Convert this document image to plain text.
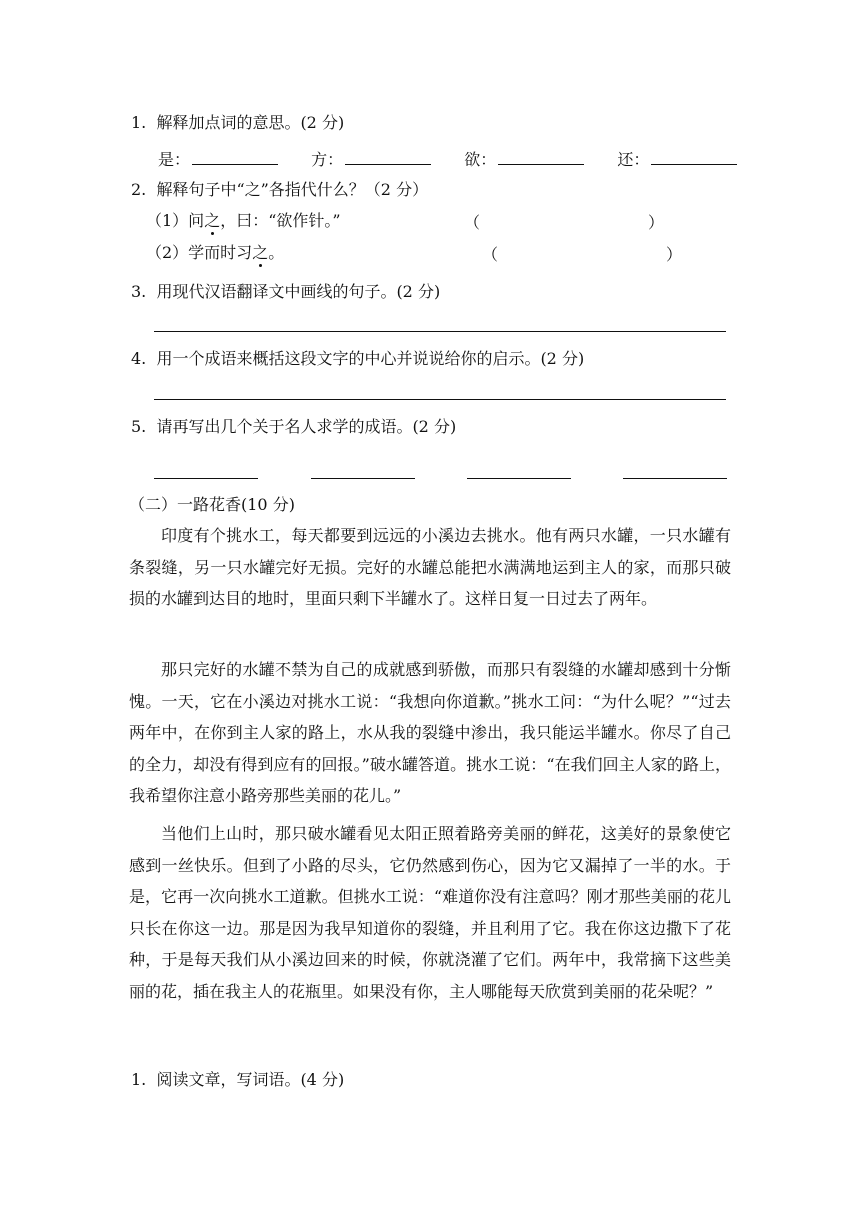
1. 解释加点词的意思。(2 分)
是：	方：	欲：	还：
2. 解释句子中“之”各指代什么？（2 分）
（1）问之，曰：“欲作针。”	（	）
（2）学而时习之。	（	）
3. 用现代汉语翻译文中画线的句子。(2 分)
4. 用一个成语来概括这段文字的中心并说说给你的启示。(2 分)
5. 请再写出几个关于名人求学的成语。(2 分)
（二）一路花香(10 分)
印度有个挑水工，每天都要到远远的小溪边去挑水。他有两只水罐，一只水罐有条裂缝，另一只水罐完好无损。完好的水罐总能把水满满地运到主人的家，而那只破损的水罐到达目的地时，里面只剩下半罐水了。这样日复一日过去了两年。
那只完好的水罐不禁为自己的成就感到骄傲，而那只有裂缝的水罐却感到十分惭愧。一天，它在小溪边对挑水工说：“我想向你道歉。”挑水工问：“为什么呢？”“过去两年中，在你到主人家的路上，水从我的裂缝中渗出，我只能运半罐水。你尽了自己的全力，却没有得到应有的回报。”破水罐答道。挑水工说：“在我们回主人家的路上，我希望你注意小路旁那些美丽的花儿。”
当他们上山时，那只破水罐看见太阳正照着路旁美丽的鲜花，这美好的景象使它感到一丝快乐。但到了小路的尽头，它仍然感到伤心，因为它又漏掉了一半的水。于是，它再一次向挑水工道歉。但挑水工说：“难道你没有注意吗？刚才那些美丽的花儿只长在你这一边。那是因为我早知道你的裂缝，并且利用了它。我在你这边撒下了花种，于是每天我们从小溪边回来的时候，你就浇灌了它们。两年中，我常摘下这些美丽的花，插在我主人的花瓶里。如果没有你，主人哪能每天欣赏到美丽的花朵呢？”
1. 阅读文章，写词语。(4 分)
